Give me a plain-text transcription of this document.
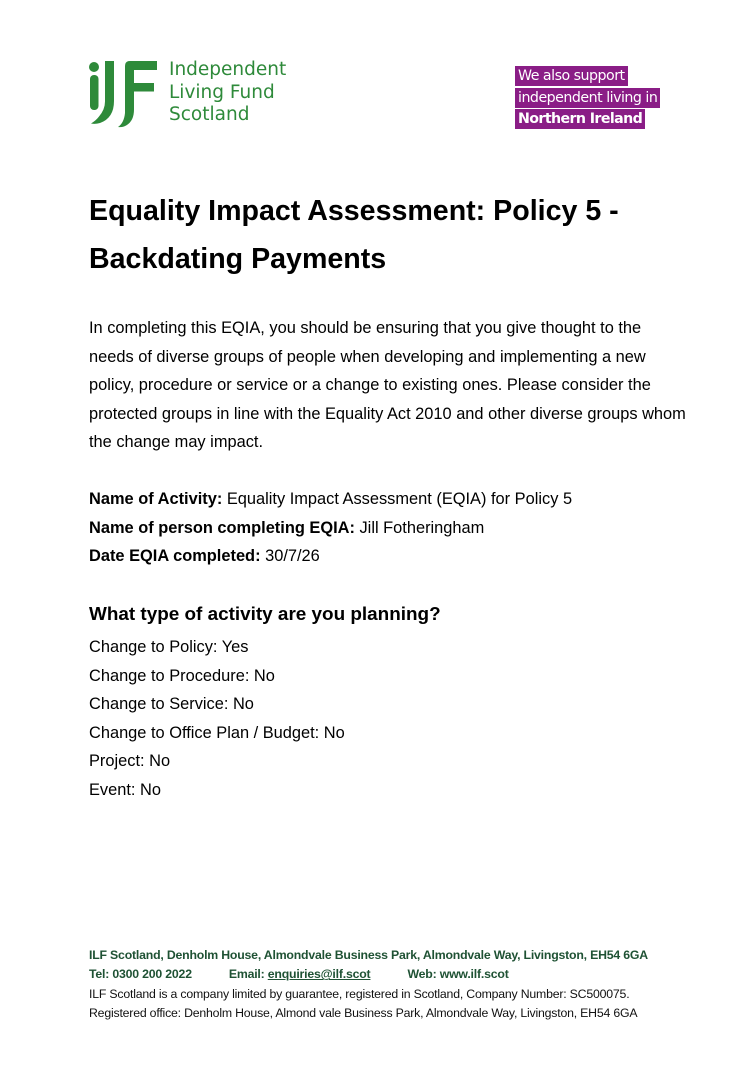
Independent
Living Fund
Scotland
We also support
independent living in
Northern Ireland
Equality Impact Assessment: Policy 5 - Backdating Payments

In completing this EQIA, you should be ensuring that you give thought to the needs of diverse groups of people when developing and implementing a new policy, procedure or service or a change to existing ones. Please consider the protected groups in line with the Equality Act 2010 and other diverse groups whom the change may impact.

Name of Activity: Equality Impact Assessment (EQIA) for Policy 5
Name of person completing EQIA: Jill Fotheringham
Date EQIA completed: 30/7/26
What type of activity are you planning?
Change to Policy: Yes
Change to Procedure: No
Change to Service: No
Change to Office Plan / Budget: No
Project: No
Event: No
ILF Scotland, Denholm House, Almondvale Business Park, Almondvale Way, Livingston, EH54 6GA
Tel: 0300 200 2022	Email: enquiries@ilf.scot	Web: www.ilf.scot
ILF Scotland is a company limited by guarantee, registered in Scotland, Company Number: SC500075.
Registered office: Denholm House, Almond vale Business Park, Almondvale Way, Livingston, EH54 6GA
